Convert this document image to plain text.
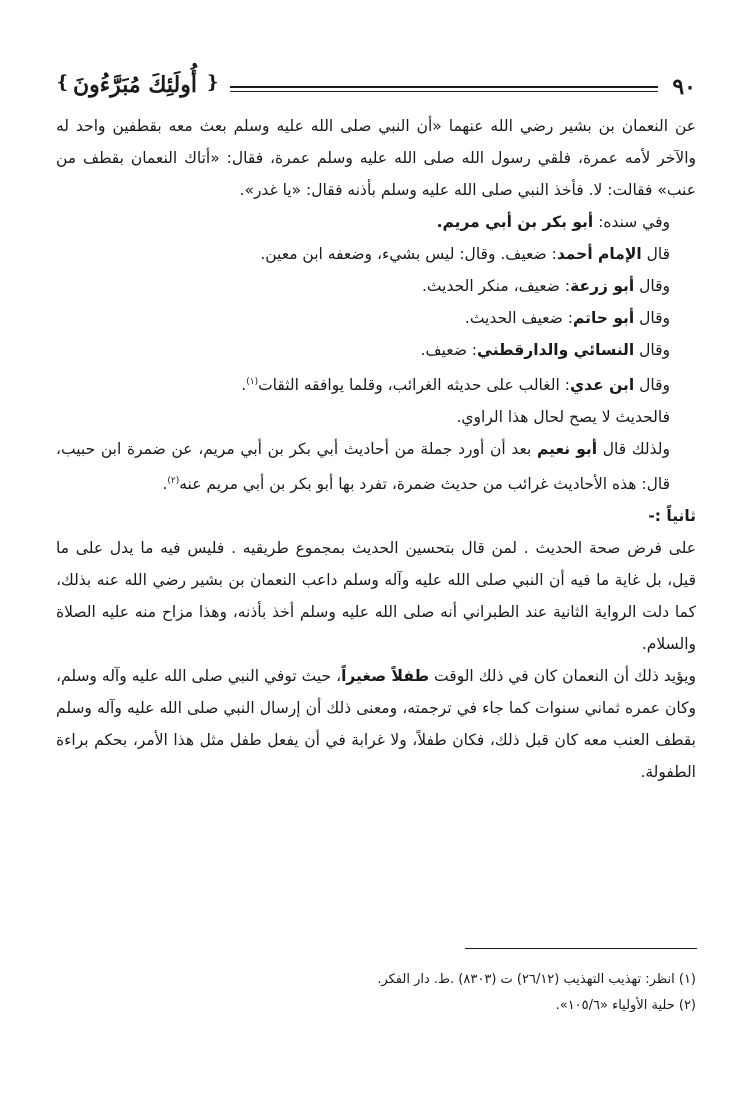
أُولَئِكَ مُبَرَّءُونَ
❴	❵	٩٠

عن النعمان بن بشير رضي الله عنهما «أن النبي صلى الله عليه وسلم بعث معه بقطفين واحد له والآخر لأمه عمرة، فلقي رسول الله صلى الله عليه وسلم عمرة، فقال: «أتاك النعمان بقطف من عنب» فقالت: لا. فأخذ النبي صلى الله عليه وسلم بأذنه فقال: «يا غدر».

وفي سنده: أبو بكر بن أبي مريم.

قال الإمام أحمد: ضعيف. وقال: ليس بشيء، وضعفه ابن معين.

وقال أبو زرعة: ضعيف، منكر الحديث.

وقال أبو حاتم: ضعيف الحديث.

وقال النسائي والدارقطني: ضعيف.

وقال ابن عدي: الغالب على حديثه الغرائب، وقلما يوافقه الثقات$^{(١)}$.

فالحديث لا يصح لحال هذا الراوي.

ولذلك قال أبو نعيم بعد أن أورد جملة من أحاديث أبي بكر بن أبي مريم، عن ضمرة ابن حبيب، قال: هذه الأحاديث غرائب من حديث ضمرة، تفرد بها أبو بكر بن أبي مريم عنه$^{(٢)}$.

ثانياً :-

على فرض صحة الحديث . لمن قال بتحسين الحديث بمجموع طريقيه . فليس فيه ما يدل على ما قيل، بل غاية ما فيه أن النبي صلى الله عليه وآله وسلم داعب النعمان بن بشير رضي الله عنه بذلك، كما دلت الرواية الثانية عند الطبراني أنه صلى الله عليه وسلم أخذ بأذنه، وهذا مزاح منه عليه الصلاة والسلام.

ويؤيد ذلك أن النعمان كان في ذلك الوقت طفلاً صغيراً، حيث توفي النبي صلى الله عليه وآله وسلم، وكان عمره ثماني سنوات كما جاء في ترجمته، ومعنى ذلك أن إرسال النبي صلى الله عليه وآله وسلم بقطف العنب معه كان قبل ذلك، فكان طفلاً، ولا غرابة في أن يفعل طفل مثل هذا الأمر، بحكم براءة الطفولة.

(١) انظر: تهذيب التهذيب (٢٦/١٢) ت (٨٣٠٣) .ط. دار الفكر.
(٢) حلية الأولياء «١٠٥/٦».
